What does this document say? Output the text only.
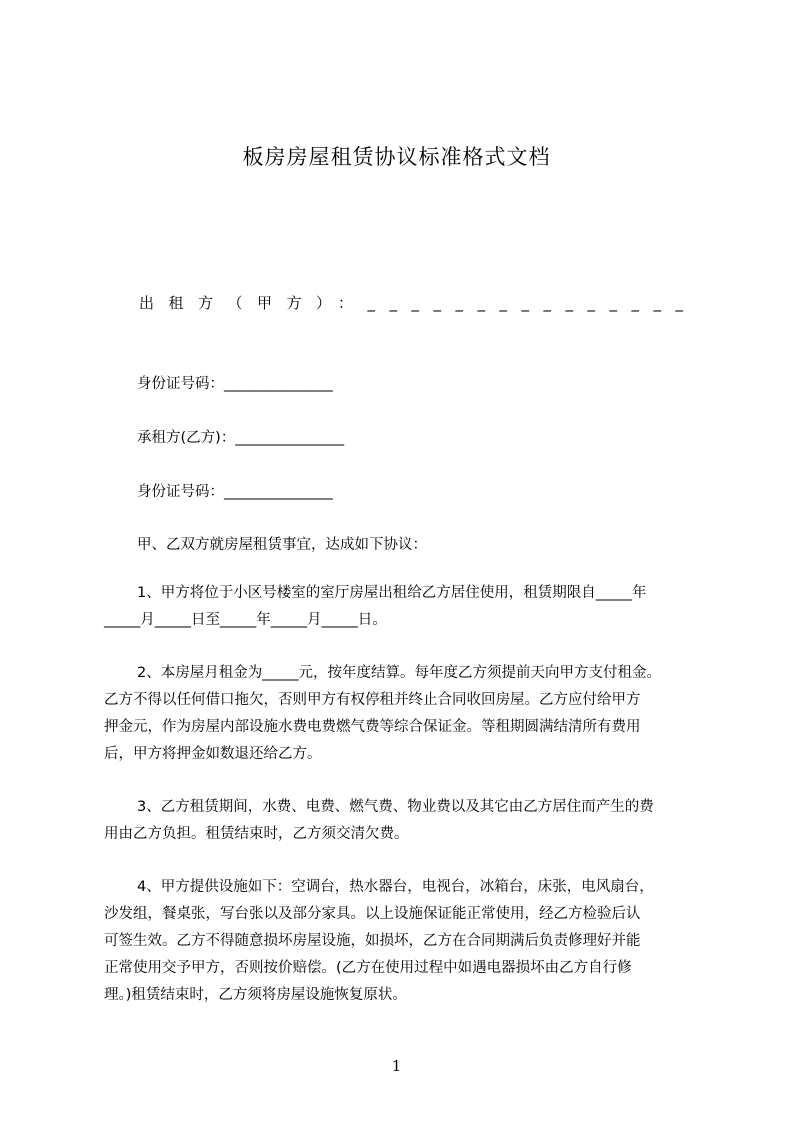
板房房屋租赁协议标准格式文档
出租方（甲方）：_______________
身份证号码：_______________
承租方(乙方)：_______________
身份证号码：_______________
甲、乙双方就房屋租赁事宜，达成如下协议：
1、甲方将位于小区号楼室的室厅房屋出租给乙方居住使用，租赁期限自_____年
_____月_____日至_____年_____月_____日。
2、本房屋月租金为_____元，按年度结算。每年度乙方须提前天向甲方支付租金。
乙方不得以任何借口拖欠，否则甲方有权停租并终止合同收回房屋。乙方应付给甲方
押金元，作为房屋内部设施水费电费燃气费等综合保证金。等租期圆满结清所有费用
后，甲方将押金如数退还给乙方。
3、乙方租赁期间，水费、电费、燃气费、物业费以及其它由乙方居住而产生的费
用由乙方负担。租赁结束时，乙方须交清欠费。
4、甲方提供设施如下：空调台，热水器台，电视台，冰箱台，床张，电风扇台，
沙发组，餐桌张，写台张以及部分家具。以上设施保证能正常使用，经乙方检验后认
可签生效。乙方不得随意损坏房屋设施，如损坏，乙方在合同期满后负责修理好并能
正常使用交予甲方，否则按价赔偿。(乙方在使用过程中如遇电器损坏由乙方自行修
理。)租赁结束时，乙方须将房屋设施恢复原状。
1
